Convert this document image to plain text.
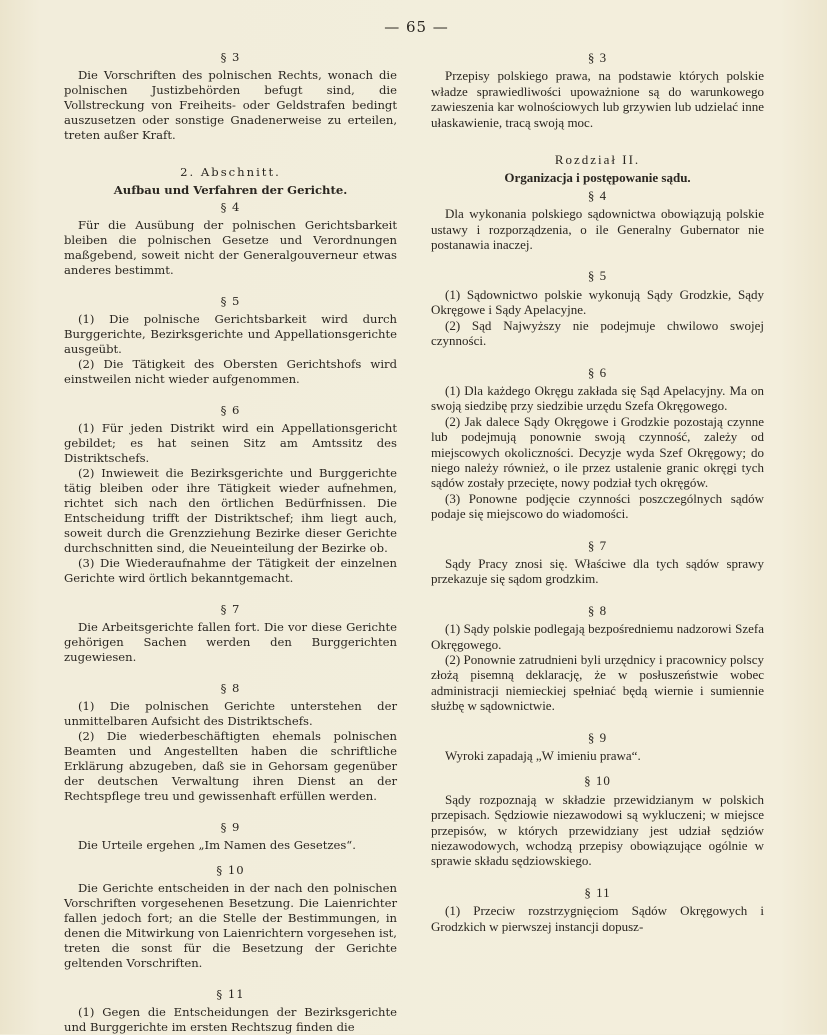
— 65 —
§ 3

Die Vorschriften des polnischen Rechts, wonach die polnischen Justizbehörden befugt sind, die Vollstreckung von Freiheits- oder Geldstrafen bedingt auszusetzen oder sonstige Gnadenerweise zu erteilen, treten außer Kraft.

2. Abschnitt.
Aufbau und Verfahren der Gerichte.
§ 4

Für die Ausübung der polnischen Gerichtsbarkeit bleiben die polnischen Gesetze und Verordnungen maßgebend, soweit nicht der Generalgouverneur etwas anderes bestimmt.

§ 5

(1) Die polnische Gerichtsbarkeit wird durch Burggerichte, Bezirksgerichte und Appellationsgerichte ausgeübt.

(2) Die Tätigkeit des Obersten Gerichtshofs wird einstweilen nicht wieder aufgenommen.

§ 6

(1) Für jeden Distrikt wird ein Appellationsgericht gebildet; es hat seinen Sitz am Amtssitz des Distriktschefs.

(2) Inwieweit die Bezirksgerichte und Burggerichte tätig bleiben oder ihre Tätigkeit wieder aufnehmen, richtet sich nach den örtlichen Bedürfnissen. Die Entscheidung trifft der Distriktschef; ihm liegt auch, soweit durch die Grenzziehung Bezirke dieser Gerichte durchschnitten sind, die Neueinteilung der Bezirke ob.

(3) Die Wiederaufnahme der Tätigkeit der einzelnen Gerichte wird örtlich bekanntgemacht.

§ 7

Die Arbeitsgerichte fallen fort. Die vor diese Gerichte gehörigen Sachen werden den Burggerichten zugewiesen.

§ 8

(1) Die polnischen Gerichte unterstehen der unmittelbaren Aufsicht des Distriktschefs.

(2) Die wiederbeschäftigten ehemals polnischen Beamten und Angestellten haben die schriftliche Erklärung abzugeben, daß sie in Gehorsam gegenüber der deutschen Verwaltung ihren Dienst an der Rechtspflege treu und gewissenhaft erfüllen werden.

§ 9

Die Urteile ergehen „Im Namen des Gesetzes“.

§ 10

Die Gerichte entscheiden in der nach den polnischen Vorschriften vorgesehenen Besetzung. Die Laienrichter fallen jedoch fort; an die Stelle der Bestimmungen, in denen die Mitwirkung von Laienrichtern vorgesehen ist, treten die sonst für die Besetzung der Gerichte geltenden Vorschriften.

§ 11

(1) Gegen die Entscheidungen der Bezirksgerichte und Burggerichte im ersten Rechtszug finden die

§ 3

Przepisy polskiego prawa, na podstawie których polskie władze sprawiedliwości upoważnione są do warunkowego zawieszenia kar wolnościowych lub grzywien lub udzielać inne ułaskawienie, tracą swoją moc.

Rozdział II.
Organizacja i postępowanie sądu.
§ 4

Dla wykonania polskiego sądownictwa obowiązują polskie ustawy i rozporządzenia, o ile Generalny Gubernator nie postanawia inaczej.

§ 5

(1) Sądownictwo polskie wykonują Sądy Grodzkie, Sądy Okręgowe i Sądy Apelacyjne.

(2) Sąd Najwyższy nie podejmuje chwilowo swojej czynności.

§ 6

(1) Dla każdego Okręgu zakłada się Sąd Apelacyjny. Ma on swoją siedzibę przy siedzibie urzędu Szefa Okręgowego.

(2) Jak dalece Sądy Okręgowe i Grodzkie pozostają czynne lub podejmują ponownie swoją czynność, zależy od miejscowych okoliczności. Decyzje wyda Szef Okręgowy; do niego należy również, o ile przez ustalenie granic okręgi tych sądów zostały przecięte, nowy podział tych okręgów.

(3) Ponowne podjęcie czynności poszczególnych sądów podaje się miejscowo do wiadomości.

§ 7

Sądy Pracy znosi się. Właściwe dla tych sądów sprawy przekazuje się sądom grodzkim.

§ 8

(1) Sądy polskie podlegają bezpośredniemu nadzorowi Szefa Okręgowego.

(2) Ponownie zatrudnieni byli urzędnicy i pracownicy polscy złożą pisemną deklarację, że w posłuszeństwie wobec administracji niemieckiej spełniać będą wiernie i sumiennie służbę w sądownictwie.

§ 9

Wyroki zapadają „W imieniu prawa“.

§ 10

Sądy rozpoznają w składzie przewidzianym w polskich przepisach. Sędziowie niezawodowi są wykluczeni; w miejsce przepisów, w których przewidziany jest udział sędziów niezawodowych, wchodzą przepisy obowiązujące ogólnie w sprawie składu sędziowskiego.

§ 11

(1) Przeciw rozstrzygnięciom Sądów Okręgowych i Grodzkich w pierwszej instancji dopusz-
